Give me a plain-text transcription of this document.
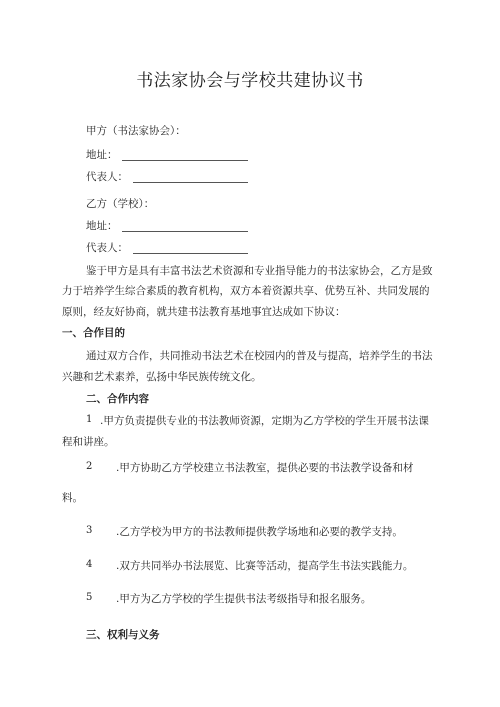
书法家协会与学校共建协议书
甲方（书法家协会）：
地址：
代表人：
乙方（学校）：
地址：
代表人：
鉴于甲方是具有丰富书法艺术资源和专业指导能力的书法家协会，乙方是致
力于培养学生综合素质的教育机构，双方本着资源共享、优势互补、共同发展的
原则，经友好协商，就共建书法教育基地事宜达成如下协议：
一、合作目的
通过双方合作，共同推动书法艺术在校园内的普及与提高，培养学生的书法
兴趣和艺术素养，弘扬中华民族传统文化。
二、合作内容
1 .甲方负责提供专业的书法教师资源，定期为乙方学校的学生开展书法课
程和讲座。
2 .甲方协助乙方学校建立书法教室，提供必要的书法教学设备和材
料。
3 .乙方学校为甲方的书法教师提供教学场地和必要的教学支持。
4 .双方共同举办书法展览、比赛等活动，提高学生书法实践能力。
5 .甲方为乙方学校的学生提供书法考级指导和报名服务。
三、权利与义务
